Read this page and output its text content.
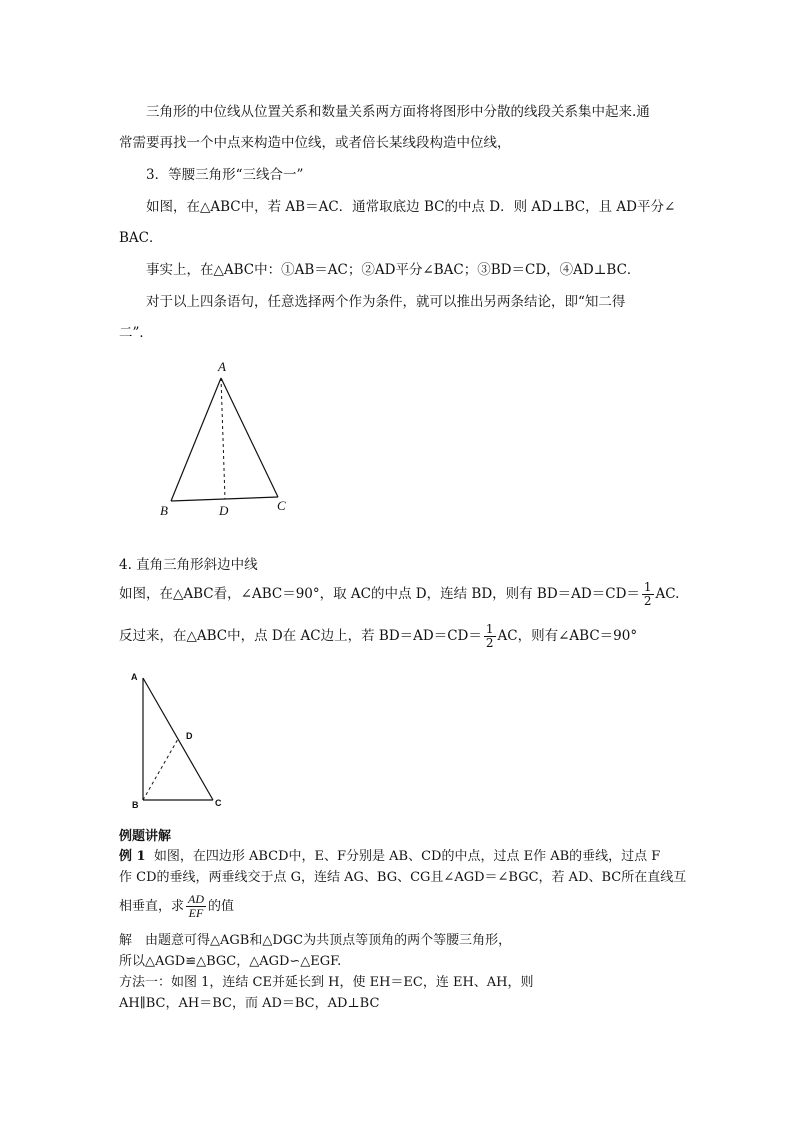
三角形的中位线从位置关系和数量关系两方面将将图形中分散的线段关系集中起来.通
常需要再找一个中点来构造中位线，或者倍长某线段构造中位线，
3．等腰三角形“三线合一”
如图，在△ABC中，若 AB＝AC．通常取底边 BC的中点 D．则 AD⊥BC，且 AD平分∠
BAC．
事实上，在△ABC中：①AB＝AC；②AD平分∠BAC；③BD＝CD，④AD⊥BC．
对于以上四条语句，任意选择两个作为条件，就可以推出另两条结论，即“知二得
二”．
A
B	D	C
4. 直角三角形斜边中线
如图，在△ABC看，∠ABC＝90°，取 AC的中点 D，连结 BD，则有 $BD=AD=CD= \frac{1}{2}$ AC.
反过来，在△ABC中，点 D在 AC边上，若 $BD=AD=CD= \frac{1}{2}$ AC，则有∠ABC＝90°
A
D
B	C
例题讲解
例 1 如图，在四边形 ABCD中，E、F分别是 AB、CD的中点，过点 E作 AB的垂线，过点 F
作 CD的垂线，两垂线交于点 G，连结 AG、BG、CG且∠AGD＝∠BGC，若 AD、BC所在直线互
相垂直，求 $\frac{AD}{EF}$ 的值
解　由题意可得△AGB和△DGC为共顶点等顶角的两个等腰三角形，
所以△AGD≌△BGC，△AGD∽△EGF.
方法一：如图 1，连结 CE并延长到 H，使 EH＝EC，连 EH、AH，则
AH∥BC，AH＝BC，而 AD＝BC，AD⊥BC
